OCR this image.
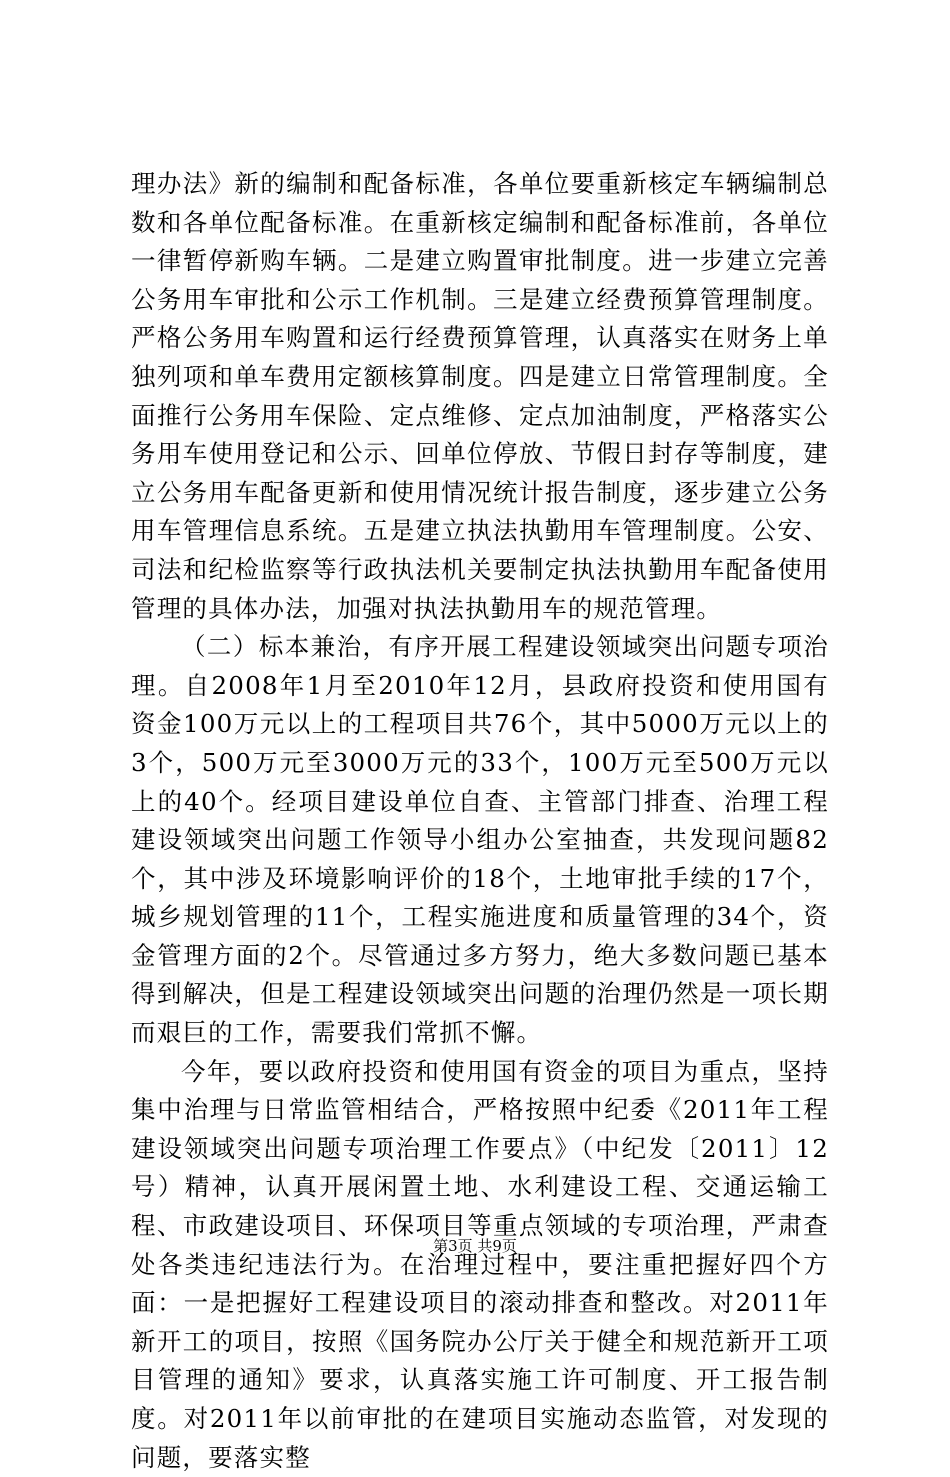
理办法》新的编制和配备标准，各单位要重新核定车辆编制总数和各单位配备标准。在重新核定编制和配备标准前，各单位一律暂停新购车辆。二是建立购置审批制度。进一步建立完善公务用车审批和公示工作机制。三是建立经费预算管理制度。严格公务用车购置和运行经费预算管理，认真落实在财务上单独列项和单车费用定额核算制度。四是建立日常管理制度。全面推行公务用车保险、定点维修、定点加油制度，严格落实公务用车使用登记和公示、回单位停放、节假日封存等制度，建立公务用车配备更新和使用情况统计报告制度，逐步建立公务用车管理信息系统。五是建立执法执勤用车管理制度。公安、司法和纪检监察等行政执法机关要制定执法执勤用车配备使用管理的具体办法，加强对执法执勤用车的规范管理。

（二）标本兼治，有序开展工程建设领域突出问题专项治理。自2008年1月至2010年12月，县政府投资和使用国有资金100万元以上的工程项目共76个，其中5000万元以上的3个，500万元至3000万元的33个，100万元至500万元以上的40个。经项目建设单位自查、主管部门排查、治理工程建设领域突出问题工作领导小组办公室抽查，共发现问题82个，其中涉及环境影响评价的18个，土地审批手续的17个，城乡规划管理的11个，工程实施进度和质量管理的34个，资金管理方面的2个。尽管通过多方努力，绝大多数问题已基本得到解决，但是工程建设领域突出问题的治理仍然是一项长期而艰巨的工作，需要我们常抓不懈。

今年，要以政府投资和使用国有资金的项目为重点，坚持集中治理与日常监管相结合，严格按照中纪委《2011年工程建设领域突出问题专项治理工作要点》（中纪发〔2011〕12号）精神，认真开展闲置土地、水利建设工程、交通运输工程、市政建设项目、环保项目等重点领域的专项治理，严肃查处各类违纪违法行为。在治理过程中，要注重把握好四个方面：一是把握好工程建设项目的滚动排查和整改。对2011年新开工的项目，按照《国务院办公厅关于健全和规范新开工项目管理的通知》要求，认真落实施工许可制度、开工报告制度。对2011年以前审批的在建项目实施动态监管，对发现的问题，要落实整

第3页 共9页
